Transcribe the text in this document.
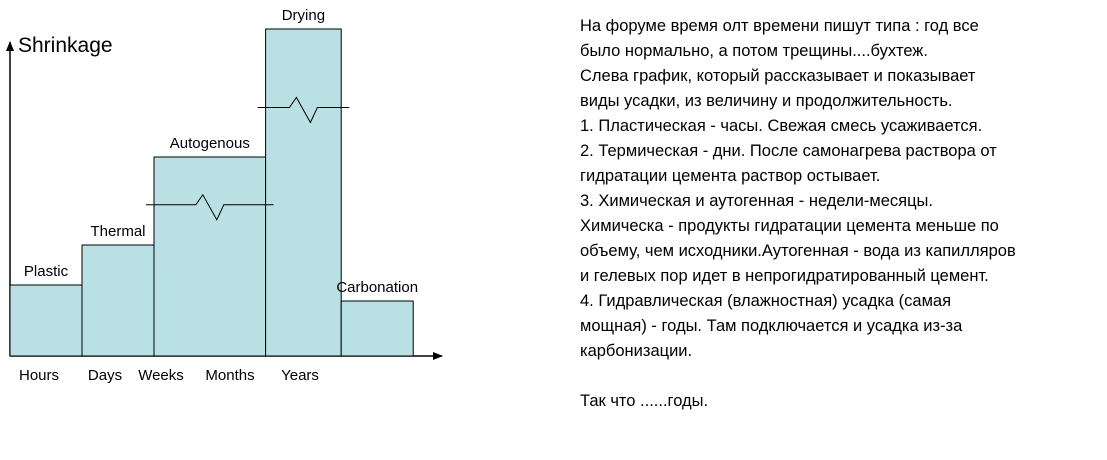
Shrinkage
Plastic
Thermal
Autogenous
Drying
Carbonation
Hours Days Weeks Months Years
На форуме время олт времени пишут типа : год все
было нормально, а потом трещины....бухтеж.
Слева график, который рассказывает и показывает
виды усадки, из величину и продолжительность.
1. Пластическая - часы. Свежая смесь усаживается.
2. Термическая - дни. После самонагрева раствора от
гидратации цемента раствор остывает.
3. Химическая и аутогенная - недели-месяцы.
Химическа - продукты гидратации цемента меньше по
объему, чем исходники.Аутогенная - вода из капилляров
и гелевых пор идет в непрогидратированный цемент.
4. Гидравлическая (влажностная) усадка (самая
мощная) - годы. Там подключается и усадка из-за
карбонизации.
Так что ......годы.
